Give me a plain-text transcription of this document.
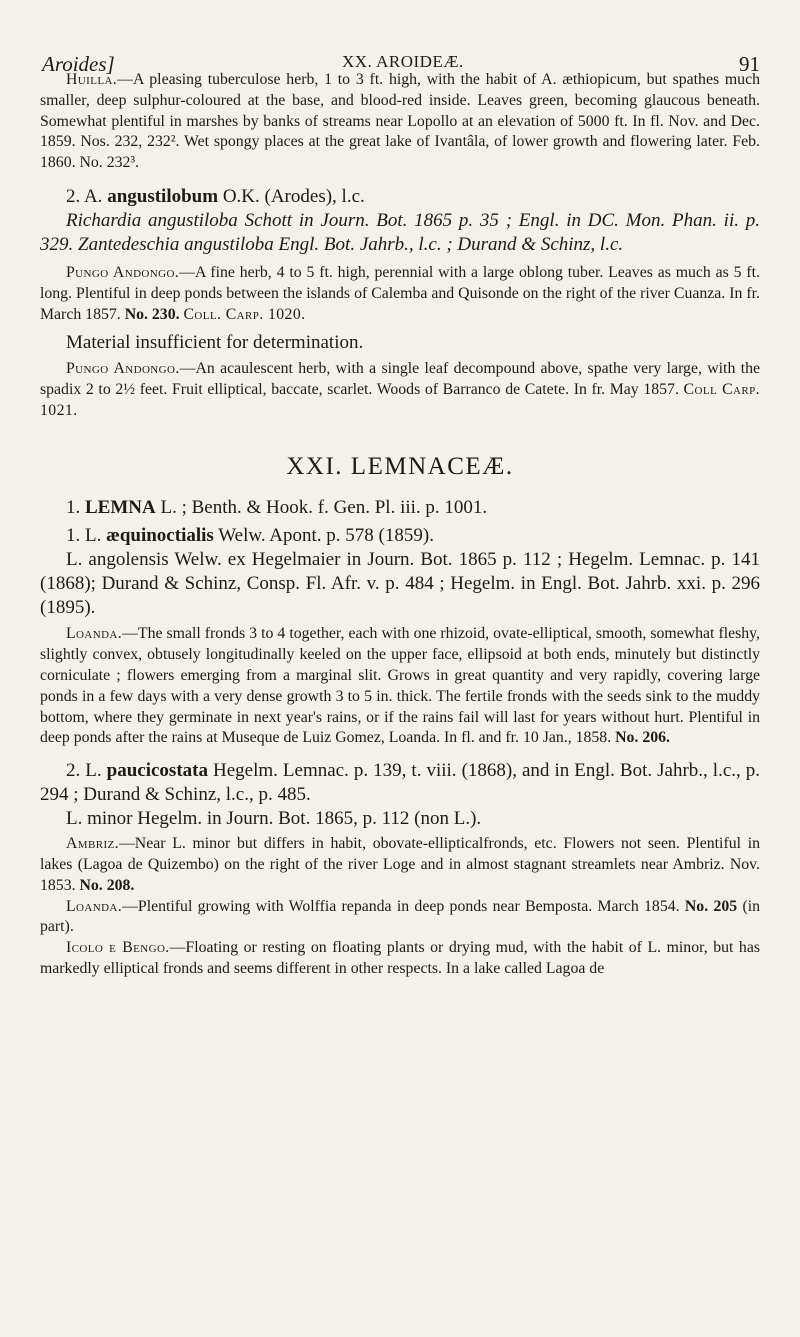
Aroides]	XX. AROIDEÆ.	91

Huilla.—A pleasing tuberculose herb, 1 to 3 ft. high, with the habit of A. æthiopicum, but spathes much smaller, deep sulphur-coloured at the base, and blood-red inside. Leaves green, becoming glaucous beneath. Somewhat plentiful in marshes by banks of streams near Lopollo at an elevation of 5000 ft. In fl. Nov. and Dec. 1859. Nos. 232, 232². Wet spongy places at the great lake of Ivantâla, of lower growth and flowering later. Feb. 1860. No. 232³.

2. A. angustilobum O.K. (Arodes), l.c.

Richardia angustiloba Schott in Journ. Bot. 1865 p. 35 ; Engl. in DC. Mon. Phan. ii. p. 329. Zantedeschia angustiloba Engl. Bot. Jahrb., l.c. ; Durand & Schinz, l.c.

Pungo Andongo.—A fine herb, 4 to 5 ft. high, perennial with a large oblong tuber. Leaves as much as 5 ft. long. Plentiful in deep ponds between the islands of Calemba and Quisonde on the right of the river Cuanza. In fr. March 1857. No. 230. Coll. Carp. 1020.

Material insufficient for determination.

Pungo Andongo.—An acaulescent herb, with a single leaf decompound above, spathe very large, with the spadix 2 to 2½ feet. Fruit elliptical, baccate, scarlet. Woods of Barranco de Catete. In fr. May 1857. Coll Carp. 1021.

XXI. LEMNACEÆ.

1. LEMNA L. ; Benth. & Hook. f. Gen. Pl. iii. p. 1001.

1. L. æquinoctialis Welw. Apont. p. 578 (1859).

L. angolensis Welw. ex Hegelmaier in Journ. Bot. 1865 p. 112 ; Hegelm. Lemnac. p. 141 (1868); Durand & Schinz, Consp. Fl. Afr. v. p. 484 ; Hegelm. in Engl. Bot. Jahrb. xxi. p. 296 (1895).

Loanda.—The small fronds 3 to 4 together, each with one rhizoid, ovate-elliptical, smooth, somewhat fleshy, slightly convex, obtusely longitudinally keeled on the upper face, ellipsoid at both ends, minutely but distinctly corniculate ; flowers emerging from a marginal slit. Grows in great quantity and very rapidly, covering large ponds in a few days with a very dense growth 3 to 5 in. thick. The fertile fronds with the seeds sink to the muddy bottom, where they germinate in next year's rains, or if the rains fail will last for years without hurt. Plentiful in deep ponds after the rains at Museque de Luiz Gomez, Loanda. In fl. and fr. 10 Jan., 1858. No. 206.

2. L. paucicostata Hegelm. Lemnac. p. 139, t. viii. (1868), and in Engl. Bot. Jahrb., l.c., p. 294 ; Durand & Schinz, l.c., p. 485.

L. minor Hegelm. in Journ. Bot. 1865, p. 112 (non L.).

Ambriz.—Near L. minor but differs in habit, obovate-ellipticalfronds, etc. Flowers not seen. Plentiful in lakes (Lagoa de Quizembo) on the right of the river Loge and in almost stagnant streamlets near Ambriz. Nov. 1853. No. 208.

Loanda.—Plentiful growing with Wolffia repanda in deep ponds near Bemposta. March 1854. No. 205 (in part).

Icolo e Bengo.—Floating or resting on floating plants or drying mud, with the habit of L. minor, but has markedly elliptical fronds and seems different in other respects. In a lake called Lagoa de
